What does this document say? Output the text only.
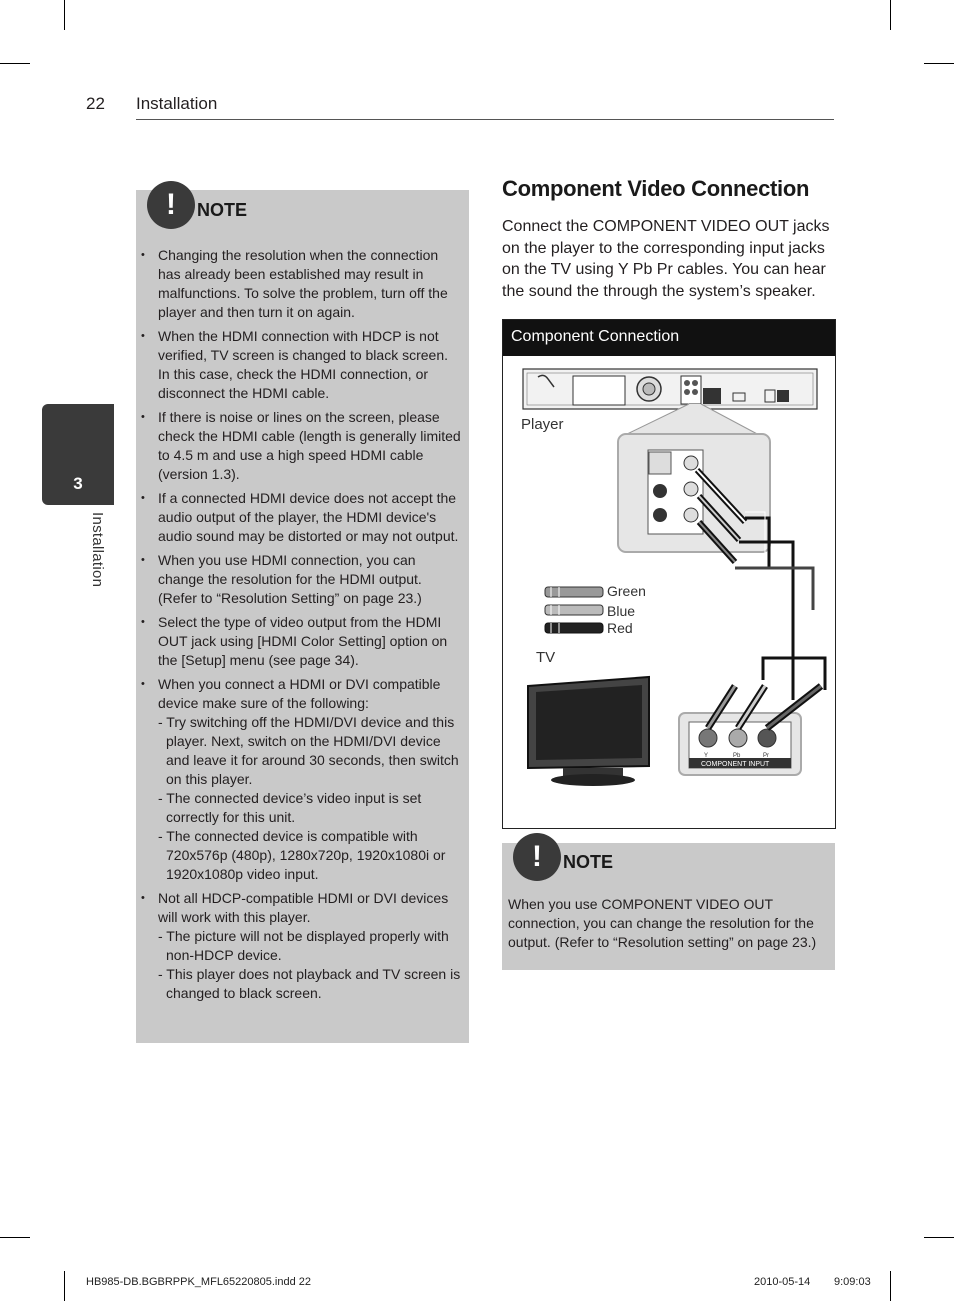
22 Installation
3
Installation
!	NOTE
• Changing the resolution when the connection has already been established may result in malfunctions. To solve the problem, turn off the player and then turn it on again.
• When the HDMI connection with HDCP is not verified, TV screen is changed to black screen. In this case, check the HDMI connection, or disconnect the HDMI cable.
• If there is noise or lines on the screen, please check the HDMI cable (length is generally limited to 4.5 m and use a high speed HDMI cable (version 1.3).
• If a connected HDMI device does not accept the audio output of the player, the HDMI device's audio sound may be distorted or may not output.
• When you use HDMI connection, you can change the resolution for the HDMI output. (Refer to “Resolution Setting” on page 23.)
• Select the type of video output from the HDMI OUT jack using [HDMI Color Setting] option on the [Setup] menu (see page 34).
• When you connect a HDMI or DVI compatible device make sure of the following:
- Try switching off the HDMI/DVI device and this player. Next, switch on the HDMI/DVI device and leave it for around 30 seconds, then switch on this player.
- The connected device’s video input is set correctly for this unit.
- The connected device is compatible with 720x576p (480p), 1280x720p, 1920x1080i or 1920x1080p video input.
• Not all HDCP-compatible HDMI or DVI devices will work with this player.
- The picture will not be displayed properly with non-HDCP device.
- This player does not playback and TV screen is changed to black screen.
Component Video Connection
Connect the COMPONENT VIDEO OUT jacks on the player to the corresponding input jacks on the TV using Y Pb Pr cables. You can hear the sound the through the system’s speaker.
Component Connection
Y	Pb	Pr
COMPONENT INPUT
Player
TV
Green
Blue
Red
!	NOTE
When you use COMPONENT VIDEO OUT connection, you can change the resolution for the output. (Refer to “Resolution setting” on page 23.)
HB985-DB.BGBRPPK_MFL65220805.indd 22	2010-05-14 9:09:03
